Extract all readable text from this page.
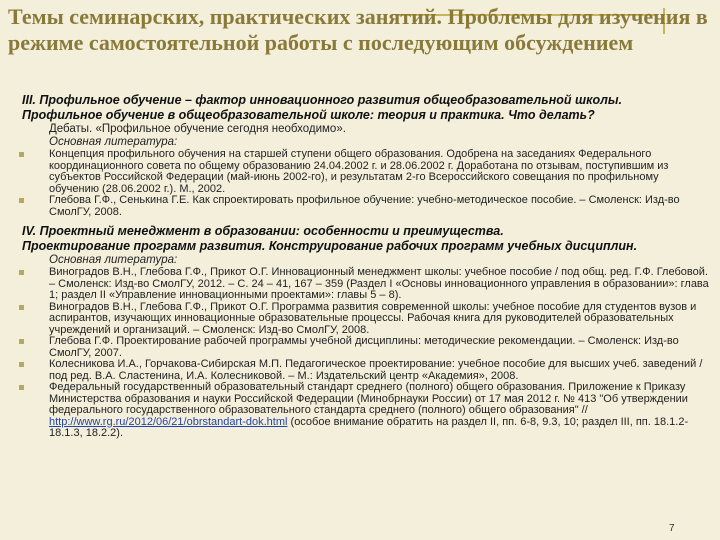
Темы семинарских, практических занятий. Проблемы для изучения в режиме самостоятельной работы с последующим обсуждением

III. Профильное обучение – фактор инновационного развития общеобразовательной школы.

Профильное обучение в общеобразовательной школе: теория и практика. Что делать?

Дебаты. «Профильное обучение сегодня необходимо».
Основная литература:
Концепция профильного обучения на старшей ступени общего образования. Одобрена на заседаниях Федерального координационного совета по общему образованию 24.04.2002 г. и 28.06.2002 г. Доработана по отзывам, поступившим из субъектов Российской Федерации (май-июнь 2002-го), и результатам 2-го Всероссийского совещания по профильному обучению (28.06.2002 г.). М., 2002.
Глебова Г.Ф., Сенькина Г.Е. Как спроектировать профильное обучение: учебно-методическое пособие. – Смоленск: Изд-во СмолГУ, 2008.

IV. Проектный менеджмент в образовании: особенности и преимущества.

Проектирование программ развития. Конструирование рабочих программ учебных дисциплин.

Основная литература:
Виноградов В.Н., Глебова Г.Ф., Прикот О.Г. Инновационный менеджмент школы: учебное пособие / под общ. ред. Г.Ф. Глебовой. – Смоленск: Изд-во СмолГУ, 2012. – С. 24 – 41, 167 – 359 (Раздел I «Основы инновационного управления в образовании»: глава 1; раздел II «Управление инновационными проектами»: главы 5 – 8).
Виноградов В.Н., Глебова Г.Ф., Прикот О.Г. Программа развития современной школы: учебное пособие для студентов вузов и аспирантов, изучающих инновационные образовательные процессы. Рабочая книга для руководителей образовательных учреждений и организаций. – Смоленск: Изд-во СмолГУ, 2008.
Глебова Г.Ф. Проектирование рабочей программы учебной дисциплины: методические рекомендации. – Смоленск: Изд-во СмолГУ, 2007.
Колесникова И.А., Горчакова-Сибирская М.П. Педагогическое проектирование: учебное пособие для высших учеб. заведений / под ред. В.А. Сластенина, И.А. Колесниковой. – М.: Издательский центр «Академия», 2008.
Федеральный государственный образовательный стандарт среднего (полного) общего образования. Приложение к Приказу Министерства образования и науки Российской Федерации (Минобрнауки России) от 17 мая 2012 г. № 413 "Об утверждении федерального государственного образовательного стандарта среднего (полного) общего образования" // http://www.rg.ru/2012/06/21/obrstandart-dok.html (особое внимание обратить на раздел II, пп. 6-8, 9.3, 10; раздел III, пп. 18.1.2-18.1.3, 18.2.2).
7
